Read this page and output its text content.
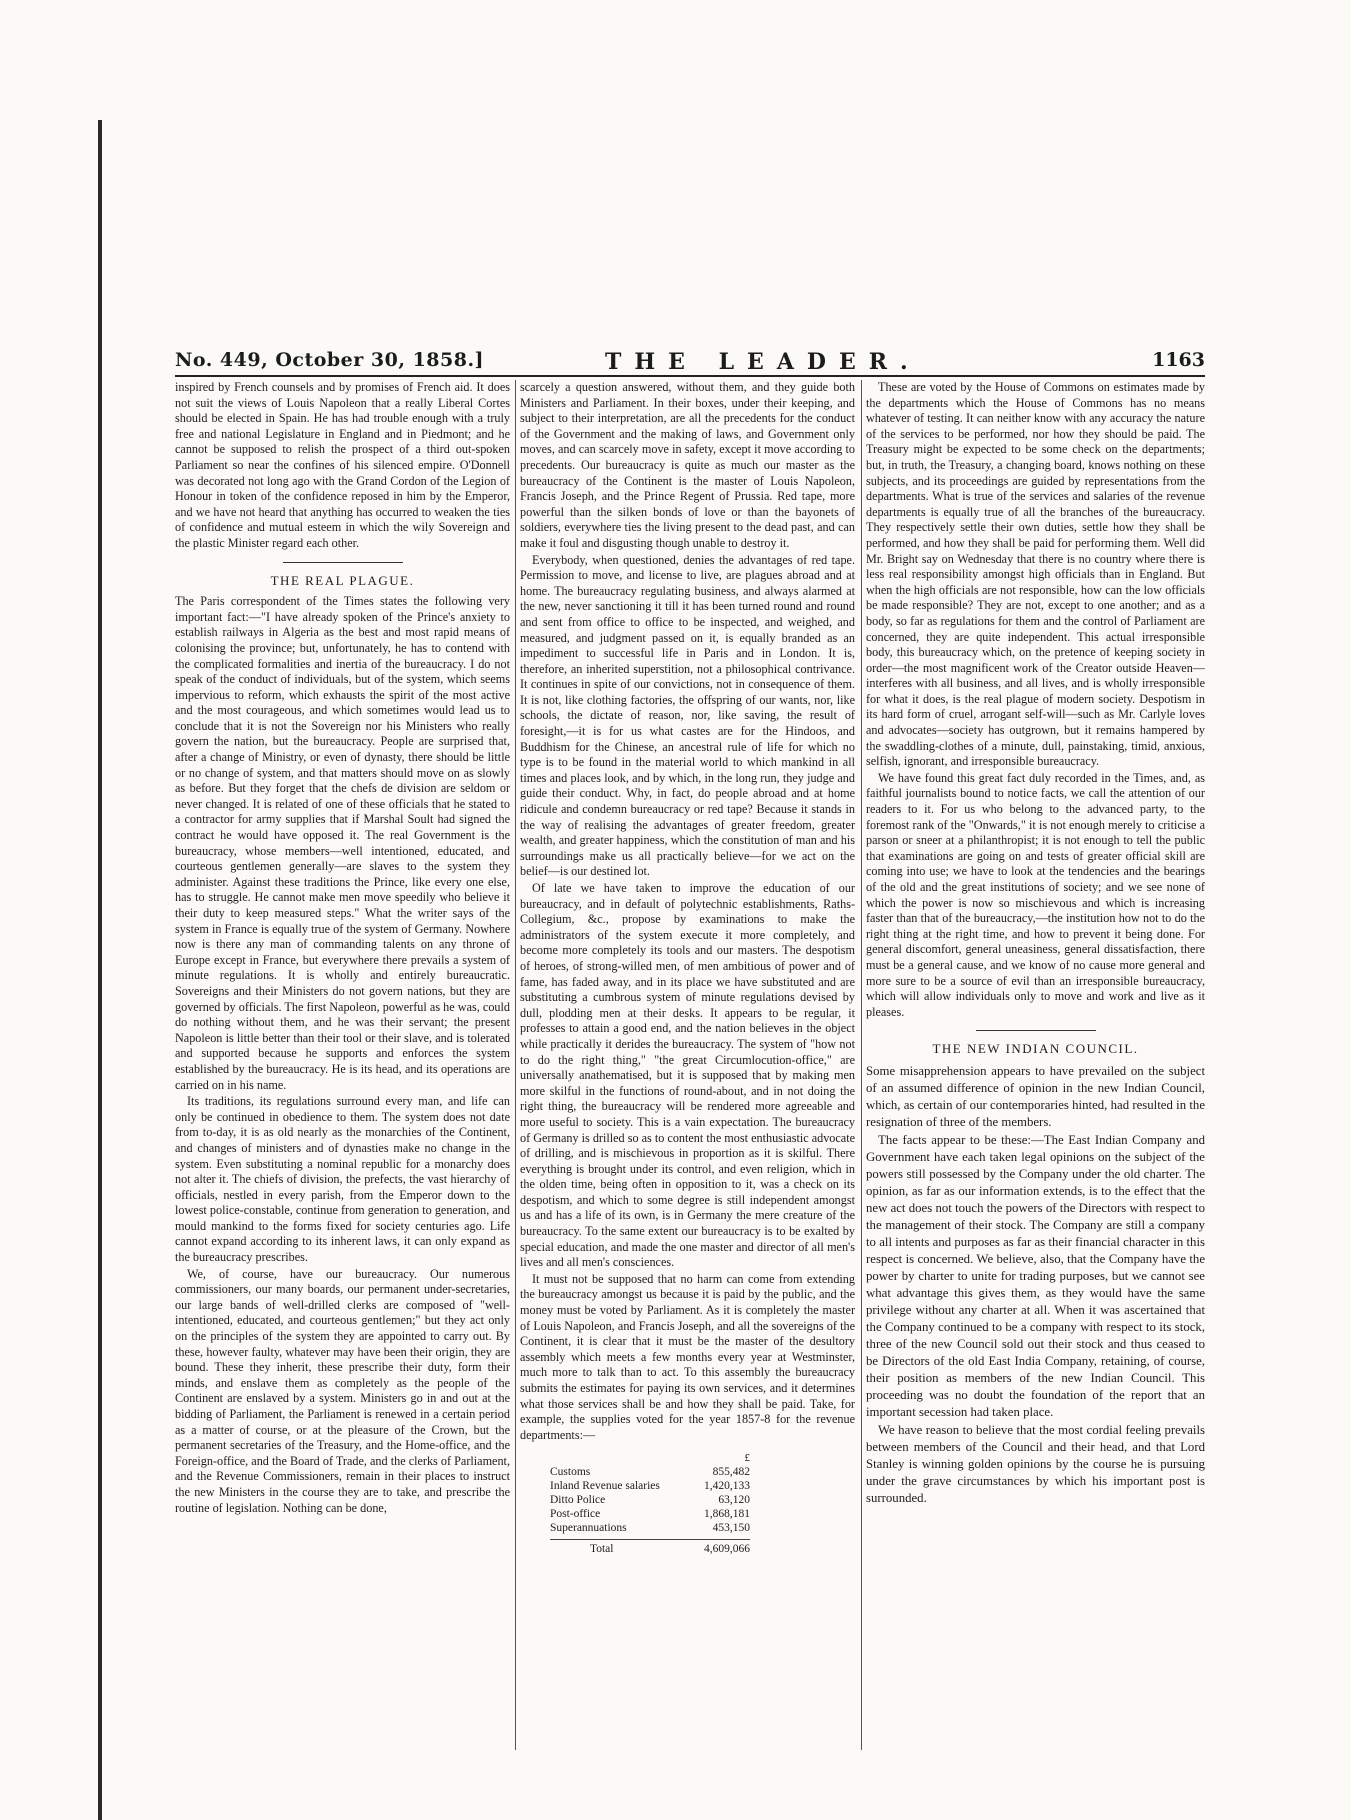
No. 449, October 30, 1858.]	THE LEADER.	1163

inspired by French counsels and by promises of French aid. It does not suit the views of Louis Napoleon that a really Liberal Cortes should be elected in Spain. He has had trouble enough with a truly free and national Legislature in England and in Piedmont; and he cannot be supposed to relish the prospect of a third out-spoken Parliament so near the confines of his silenced empire. O'Donnell was decorated not long ago with the Grand Cordon of the Legion of Honour in token of the confidence reposed in him by the Emperor, and we have not heard that anything has occurred to weaken the ties of confidence and mutual esteem in which the wily Sovereign and the plastic Minister regard each other.

THE REAL PLAGUE.

The Paris correspondent of the Times states the following very important fact:—"I have already spoken of the Prince's anxiety to establish railways in Algeria as the best and most rapid means of colonising the province; but, unfortunately, he has to contend with the complicated formalities and inertia of the bureaucracy. I do not speak of the conduct of individuals, but of the system, which seems impervious to reform, which exhausts the spirit of the most active and the most courageous, and which sometimes would lead us to conclude that it is not the Sovereign nor his Ministers who really govern the nation, but the bureaucracy. People are surprised that, after a change of Ministry, or even of dynasty, there should be little or no change of system, and that matters should move on as slowly as before. But they forget that the chefs de division are seldom or never changed. It is related of one of these officials that he stated to a contractor for army supplies that if Marshal Soult had signed the contract he would have opposed it. The real Government is the bureaucracy, whose members—well intentioned, educated, and courteous gentlemen generally—are slaves to the system they administer. Against these traditions the Prince, like every one else, has to struggle. He cannot make men move speedily who believe it their duty to keep measured steps." What the writer says of the system in France is equally true of the system of Germany. Nowhere now is there any man of commanding talents on any throne of Europe except in France, but everywhere there prevails a system of minute regulations. It is wholly and entirely bureaucratic. Sovereigns and their Ministers do not govern nations, but they are governed by officials. The first Napoleon, powerful as he was, could do nothing without them, and he was their servant; the present Napoleon is little better than their tool or their slave, and is tolerated and supported because he supports and enforces the system established by the bureaucracy. He is its head, and its operations are carried on in his name.

Its traditions, its regulations surround every man, and life can only be continued in obedience to them. The system does not date from to-day, it is as old nearly as the monarchies of the Continent, and changes of ministers and of dynasties make no change in the system. Even substituting a nominal republic for a monarchy does not alter it. The chiefs of division, the prefects, the vast hierarchy of officials, nestled in every parish, from the Emperor down to the lowest police-constable, continue from generation to generation, and mould mankind to the forms fixed for society centuries ago. Life cannot expand according to its inherent laws, it can only expand as the bureaucracy prescribes.

We, of course, have our bureaucracy. Our numerous commissioners, our many boards, our permanent under-secretaries, our large bands of well-drilled clerks are composed of "well-intentioned, educated, and courteous gentlemen;" but they act only on the principles of the system they are appointed to carry out. By these, however faulty, whatever may have been their origin, they are bound. These they inherit, these prescribe their duty, form their minds, and enslave them as completely as the people of the Continent are enslaved by a system. Ministers go in and out at the bidding of Parliament, the Parliament is renewed in a certain period as a matter of course, or at the pleasure of the Crown, but the permanent secretaries of the Treasury, and the Home-office, and the Foreign-office, and the Board of Trade, and the clerks of Parliament, and the Revenue Commissioners, remain in their places to instruct the new Ministers in the course they are to take, and prescribe the routine of legislation. Nothing can be done,

scarcely a question answered, without them, and they guide both Ministers and Parliament. In their boxes, under their keeping, and subject to their interpretation, are all the precedents for the conduct of the Government and the making of laws, and Government only moves, and can scarcely move in safety, except it move according to precedents. Our bureaucracy is quite as much our master as the bureaucracy of the Continent is the master of Louis Napoleon, Francis Joseph, and the Prince Regent of Prussia. Red tape, more powerful than the silken bonds of love or than the bayonets of soldiers, everywhere ties the living present to the dead past, and can make it foul and disgusting though unable to destroy it.

Everybody, when questioned, denies the advantages of red tape. Permission to move, and license to live, are plagues abroad and at home. The bureaucracy regulating business, and always alarmed at the new, never sanctioning it till it has been turned round and round and sent from office to office to be inspected, and weighed, and measured, and judgment passed on it, is equally branded as an impediment to successful life in Paris and in London. It is, therefore, an inherited superstition, not a philosophical contrivance. It continues in spite of our convictions, not in consequence of them. It is not, like clothing factories, the offspring of our wants, nor, like schools, the dictate of reason, nor, like saving, the result of foresight,—it is for us what castes are for the Hindoos, and Buddhism for the Chinese, an ancestral rule of life for which no type is to be found in the material world to which mankind in all times and places look, and by which, in the long run, they judge and guide their conduct. Why, in fact, do people abroad and at home ridicule and condemn bureaucracy or red tape? Because it stands in the way of realising the advantages of greater freedom, greater wealth, and greater happiness, which the constitution of man and his surroundings make us all practically believe—for we act on the belief—is our destined lot.

Of late we have taken to improve the education of our bureaucracy, and in default of polytechnic establishments, Raths-Collegium, &c., propose by examinations to make the administrators of the system execute it more completely, and become more completely its tools and our masters. The despotism of heroes, of strong-willed men, of men ambitious of power and of fame, has faded away, and in its place we have substituted and are substituting a cumbrous system of minute regulations devised by dull, plodding men at their desks. It appears to be regular, it professes to attain a good end, and the nation believes in the object while practically it derides the bureaucracy. The system of "how not to do the right thing," "the great Circumlocution-office," are universally anathematised, but it is supposed that by making men more skilful in the functions of round-about, and in not doing the right thing, the bureaucracy will be rendered more agreeable and more useful to society. This is a vain expectation. The bureaucracy of Germany is drilled so as to content the most enthusiastic advocate of drilling, and is mischievous in proportion as it is skilful. There everything is brought under its control, and even religion, which in the olden time, being often in opposition to it, was a check on its despotism, and which to some degree is still independent amongst us and has a life of its own, is in Germany the mere creature of the bureaucracy. To the same extent our bureaucracy is to be exalted by special education, and made the one master and director of all men's lives and all men's consciences.

It must not be supposed that no harm can come from extending the bureaucracy amongst us because it is paid by the public, and the money must be voted by Parliament. As it is completely the master of Louis Napoleon, and Francis Joseph, and all the sovereigns of the Continent, it is clear that it must be the master of the desultory assembly which meets a few months every year at Westminster, much more to talk than to act. To this assembly the bureaucracy submits the estimates for paying its own services, and it determines what those services shall be and how they shall be paid. Take, for example, the supplies voted for the year 1857-8 for the revenue departments:—

£
Customs	855,482
Inland Revenue salaries	1,420,133
Ditto Police	63,120
Post-office	1,868,181
Superannuations	453,150
Total	4,609,066

These are voted by the House of Commons on estimates made by the departments which the House of Commons has no means whatever of testing. It can neither know with any accuracy the nature of the services to be performed, nor how they should be paid. The Treasury might be expected to be some check on the departments; but, in truth, the Treasury, a changing board, knows nothing on these subjects, and its proceedings are guided by representations from the departments. What is true of the services and salaries of the revenue departments is equally true of all the branches of the bureaucracy. They respectively settle their own duties, settle how they shall be performed, and how they shall be paid for performing them. Well did Mr. Bright say on Wednesday that there is no country where there is less real responsibility amongst high officials than in England. But when the high officials are not responsible, how can the low officials be made responsible? They are not, except to one another; and as a body, so far as regulations for them and the control of Parliament are concerned, they are quite independent. This actual irresponsible body, this bureaucracy which, on the pretence of keeping society in order—the most magnificent work of the Creator outside Heaven—interferes with all business, and all lives, and is wholly irresponsible for what it does, is the real plague of modern society. Despotism in its hard form of cruel, arrogant self-will—such as Mr. Carlyle loves and advocates—society has outgrown, but it remains hampered by the swaddling-clothes of a minute, dull, painstaking, timid, anxious, selfish, ignorant, and irresponsible bureaucracy.

We have found this great fact duly recorded in the Times, and, as faithful journalists bound to notice facts, we call the attention of our readers to it. For us who belong to the advanced party, to the foremost rank of the "Onwards," it is not enough merely to criticise a parson or sneer at a philanthropist; it is not enough to tell the public that examinations are going on and tests of greater official skill are coming into use; we have to look at the tendencies and the bearings of the old and the great institutions of society; and we see none of which the power is now so mischievous and which is increasing faster than that of the bureaucracy,—the institution how not to do the right thing at the right time, and how to prevent it being done. For general discomfort, general uneasiness, general dissatisfaction, there must be a general cause, and we know of no cause more general and more sure to be a source of evil than an irresponsible bureaucracy, which will allow individuals only to move and work and live as it pleases.

THE NEW INDIAN COUNCIL.

Some misapprehension appears to have prevailed on the subject of an assumed difference of opinion in the new Indian Council, which, as certain of our contemporaries hinted, had resulted in the resignation of three of the members.

The facts appear to be these:—The East Indian Company and Government have each taken legal opinions on the subject of the powers still possessed by the Company under the old charter. The opinion, as far as our information extends, is to the effect that the new act does not touch the powers of the Directors with respect to the management of their stock. The Company are still a company to all intents and purposes as far as their financial character in this respect is concerned. We believe, also, that the Company have the power by charter to unite for trading purposes, but we cannot see what advantage this gives them, as they would have the same privilege without any charter at all. When it was ascertained that the Company continued to be a company with respect to its stock, three of the new Council sold out their stock and thus ceased to be Directors of the old East India Company, retaining, of course, their position as members of the new Indian Council. This proceeding was no doubt the foundation of the report that an important secession had taken place.

We have reason to believe that the most cordial feeling prevails between members of the Council and their head, and that Lord Stanley is winning golden opinions by the course he is pursuing under the grave circumstances by which his important post is surrounded.
